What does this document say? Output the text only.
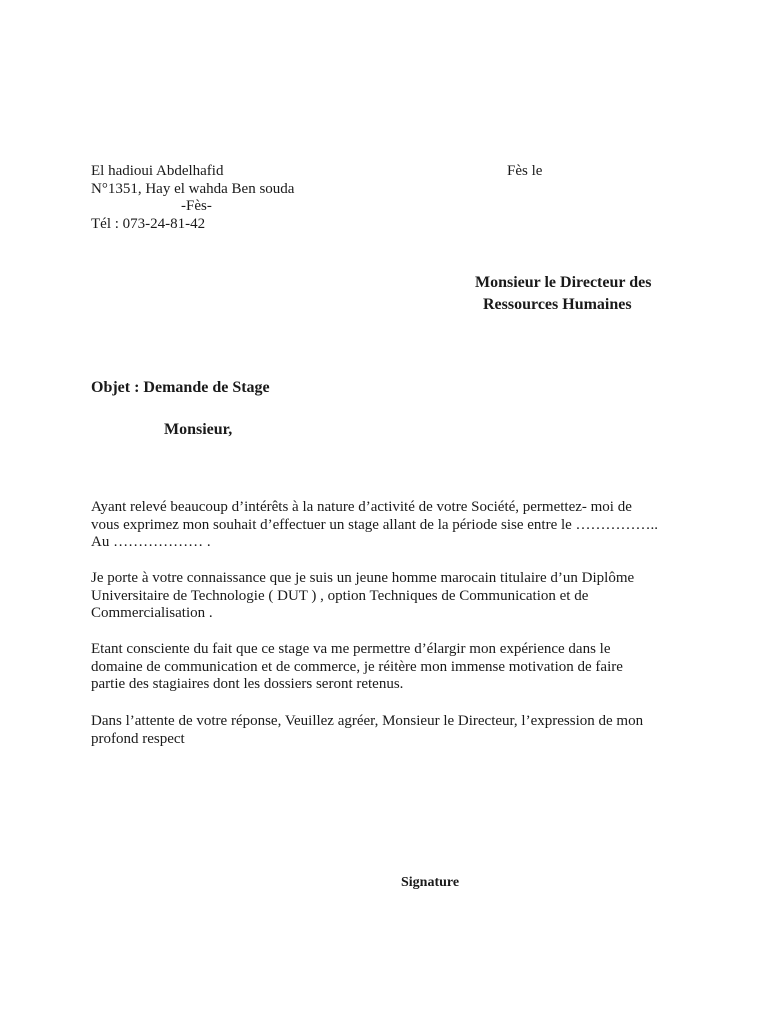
El hadioui Abdelhafid
N°1351, Hay el wahda Ben souda
-Fès-
Tél : 073-24-81-42
Fès le
Monsieur le Directeur des
Ressources Humaines
Objet : Demande de Stage
Monsieur,
Ayant relevé beaucoup d’intérêts à la nature d’activité de votre Société, permettez- moi de
vous exprimez mon souhait d’effectuer un stage allant de la période sise entre le ……………..
Au ……………… .
Je porte à votre connaissance que je suis un jeune homme marocain titulaire d’un Diplôme
Universitaire de Technologie ( DUT ) , option Techniques de Communication et de
Commercialisation .
Etant consciente du fait que ce stage va me permettre d’élargir mon expérience dans le
domaine de communication et de commerce, je réitère mon immense motivation de faire
partie des stagiaires dont les dossiers seront retenus.
Dans l’attente de votre réponse, Veuillez agréer, Monsieur le Directeur, l’expression de mon
profond respect
Signature
